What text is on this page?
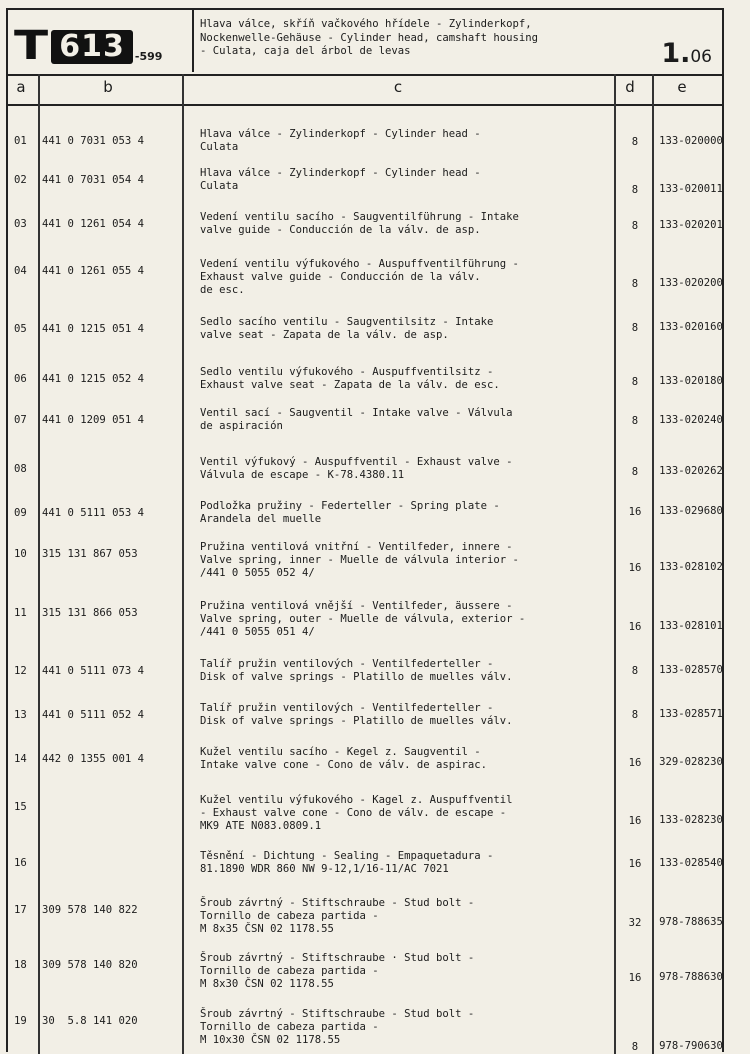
T 613 -599
Hlava válce, skříň vačkového hřídele - Zylinderkopf,
Nockenwelle-Gehäuse - Cylinder head, camshaft housing
- Culata, caja del árbol de levas	1.06
a	b	c	d	e
01 441 0 7031 053 4
Hlava válce - Zylinderkopf - Cylinder head -
Culata	8	133-020000
02 441 0 7031 054 4
Hlava válce - Zylinderkopf - Cylinder head -
Culata	8	133-020011
03 441 0 1261 054 4
Vedení ventilu sacího - Saugventilführung - Intake
valve guide - Conducción de la válv. de asp.	8	133-020201
04 441 0 1261 055 4
Vedení ventilu výfukového - Auspuffventilführung -
Exhaust valve guide - Conducción de la válv.
de esc.	8	133-020200
05 441 0 1215 051 4
Sedlo sacího ventilu - Saugventilsitz - Intake
valve seat - Zapata de la válv. de asp.
8	133-020160
06 441 0 1215 052 4
Sedlo ventilu výfukového - Auspuffventilsitz -
Exhaust valve seat - Zapata de la válv. de esc.	8	133-020180
07 441 0 1209 051 4
Ventil sací - Saugventil - Intake valve - Válvula
de aspiración	8	133-020240
08
Ventil výfukový - Auspuffventil - Exhaust valve -
Válvula de escape - K-78.4380.11	8	133-020262
09 441 0 5111 053 4
Podložka pružiny - Federteller - Spring plate -
Arandela del muelle
16	133-029680
10 315 131 867 053
Pružina ventilová vnitřní - Ventilfeder, innere -
Valve spring, inner - Muelle de válvula interior -
/441 0 5055 052 4/	16	133-028102
11 315 131 866 053
Pružina ventilová vnější - Ventilfeder, äussere -
Valve spring, outer - Muelle de válvula, exterior -
/441 0 5055 051 4/	16	133-028101
12 441 0 5111 073 4
Talíř pružin ventilových - Ventilfederteller -
Disk of valve springs - Platillo de muelles válv.	8	133-028570
13 441 0 5111 052 4
Talíř pružin ventilových - Ventilfederteller -
Disk of valve springs - Platillo de muelles válv.	8	133-028571
14 442 0 1355 001 4
Kužel ventilu sacího - Kegel z. Saugventil -
Intake valve cone - Cono de válv. de aspirac.	16	329-028230
15
Kužel ventilu výfukového - Kagel z. Auspuffventil
- Exhaust valve cone - Cono de válv. de escape -
MK9 ATE N083.0809.1	16	133-028230
16
Těsnění - Dichtung - Sealing - Empaquetadura -
81.1890 WDR 860 NW 9-12,1/16-11/AC 7021	16	133-028540
17 309 578 140 822
Šroub závrtný - Stiftschraube - Stud bolt -
Tornillo de cabeza partida -
M 8x35 ČSN 02 1178.55	32	978-788635
18 309 578 140 820
Šroub závrtný - Stiftschraube · Stud bolt -
Tornillo de cabeza partida -
M 8x30 ČSN 02 1178.55	16	978-788630
19 30  5.8 141 020
Šroub závrtný - Stiftschraube - Stud bolt -
Tornillo de cabeza partida -
M 10x30 ČSN 02 1178.55
8	978-790630
